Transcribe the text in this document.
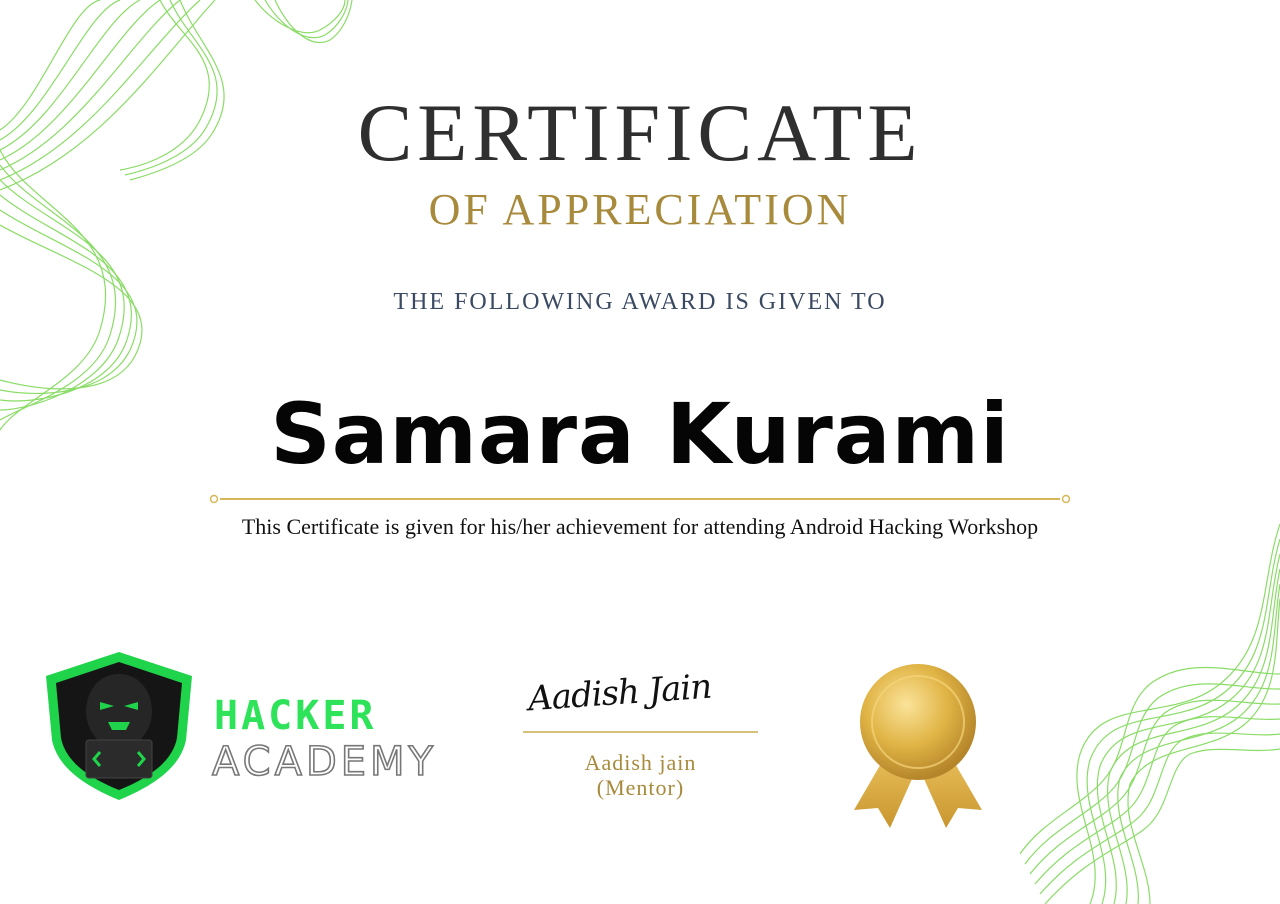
CERTIFICATE
OF APPRECIATION
THE FOLLOWING AWARD IS GIVEN TO
Samara Kurami
This Certificate is given for his/her achievement for attending Android Hacking Workshop
HACKER
ACADEMY
Aadish Jain
Aadish jain
(Mentor)
